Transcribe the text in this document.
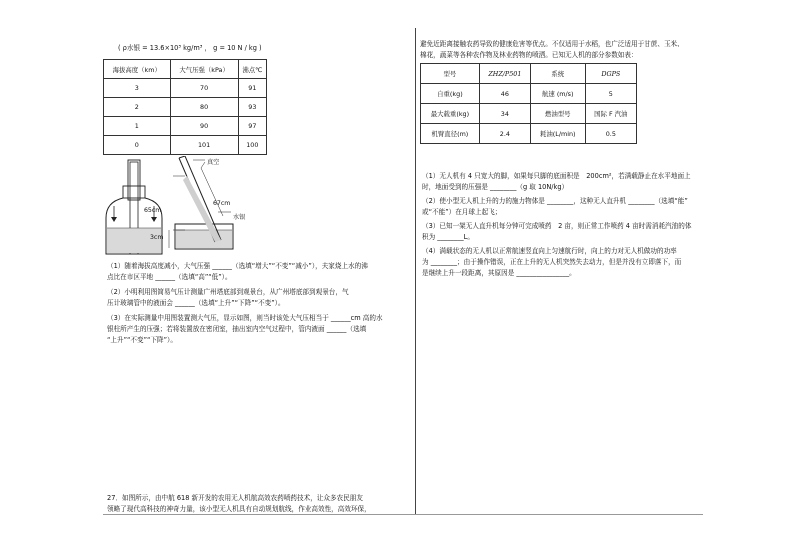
( ρ水银 = 13.6×10³ kg/m³ ， g = 10 N / kg )
海拔高度（km）	大气压强（kPa）	沸点℃
3	70	91
2	80	93
1	90	97
0	101	100
真空
65cm
67cm
水银
3cm
（1）随着海拔高度减小，大气压强 ______（选填“增大”“不变”“减小”），夫家烧上水的沸
点比在市区平地 ______（选填“高”“低”）。
（2）小明利用图简易气压计测量广州塔底部到观景台，从广州塔底部到观景台，气
压计玻璃管中的液面会 ______（选填“上升”“下降”“不变”）。
（3）在实际测量中用图装置测大气压，显示如图，则当时该处大气压相当于 ______cm 高的水
银柱所产生的压强；若将装置放在密闭室，抽出室内空气过程中，管内液面 ______（选填
“上升”“不变”“下降”）。
27．如图所示，由中航 618 新开发的农用无人机航高效农药喷药技术，让众多农民朋友
领略了现代高科技的神奇力量，该小型无人机具有自动规划航线，作业高效性，高效环保，
避免近距离接触农药导致的健康危害等优点。不仅适用于水稻，也广泛适用于甘蔗、玉米、
棉花，蔬菜等各种农作物及林业药物的喷洒。已知无人机的部分参数如表：
型号	ZHZ/P501	系统	DGPS
自重(kg)	46	航速 (m/s)	5
最大载重(kg)	34	燃油型号	国际 F 汽油
机臂直径(m)	2.4	耗油(L/min)	0.5
（1）无人机有 4 只宽大的脚，如果每只脚的底面积是　200cm²，若满载静止在水平地面上
时，地面受到的压强是 ________（g 取 10N/kg）
（2）使小型无人机上升的力的施力物体是 ________，这种无人直升机 ________（选填“能”
或“不能”）在月球上起飞；
（3）已知一架无人直升机每分钟可完成喷药　2 亩，则正常工作喷药 4 亩时需消耗汽油的体
积为 ________L。
（4）满载状态的无人机以正常航速竖直向上匀速航行时，向上的力对无人机做功的功率
为 ________；由于操作错误，正在上升的无人机突然失去动力，但是并没有立即落下，而
是继续上升一段距离，其原因是 ________________。
